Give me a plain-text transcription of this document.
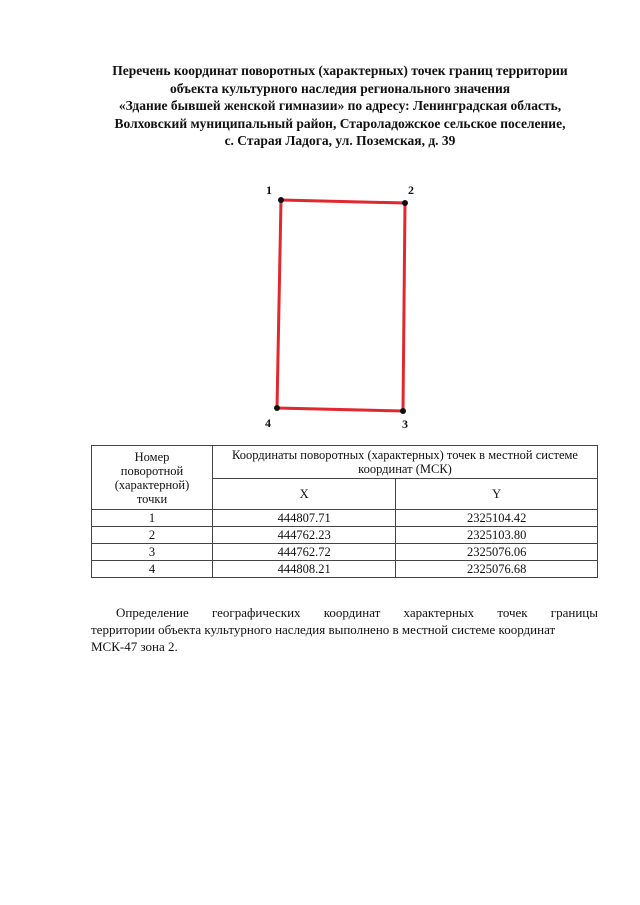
Перечень координат поворотных (характерных) точек границ территории
объекта культурного наследия регионального значения
«Здание бывшей женской гимназии» по адресу: Ленинградская область,
Волховский муниципальный район, Староладожское сельское поселение,
с. Старая Ладога, ул. Поземская, д. 39
1	2
3
4
Номер
поворотной
(характерной)
точки	Координаты поворотных (характерных) точек в местной системе координат (МСК)	
	X	Y
1	444807.71	2325104.42
2	444762.23	2325103.80
3	444762.72	2325076.06
4	444808.21	2325076.68
Определение географических координат характерных точек границы
территории объекта культурного наследия выполнено в местной системе координат
МСК-47 зона 2.
